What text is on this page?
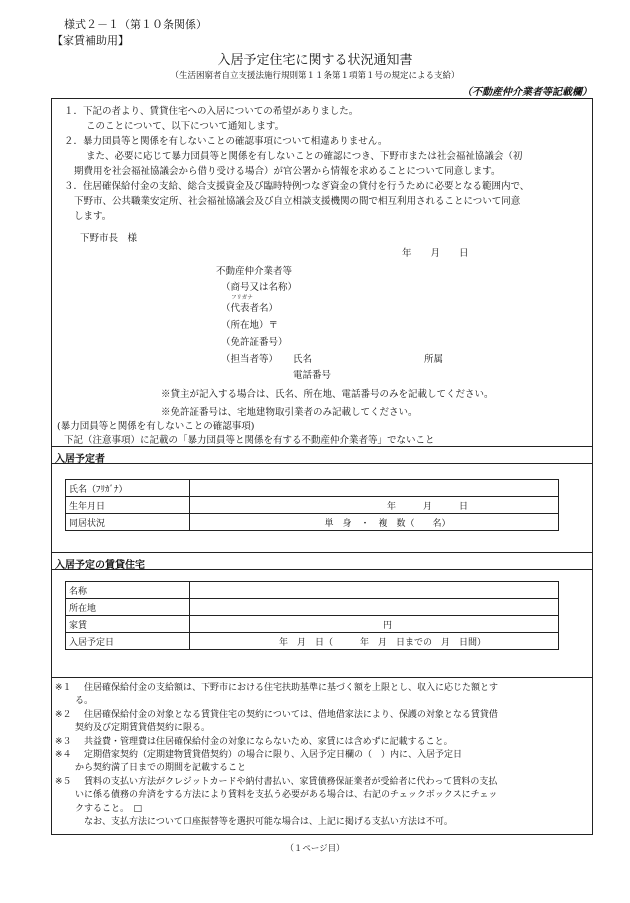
様式２－１（第１０条関係）
【家賃補助用】
入居予定住宅に関する状況通知書
（生活困窮者自立支援法施行規則第１１条第１項第１号の規定による支給）
（不動産仲介業者等記載欄）
１．下記の者より、賃貸住宅への入居についての希望がありました。
このことについて、以下について通知します。
２．暴力団員等と関係を有しないことの確認事項について相違ありません。
また、必要に応じて暴力団員等と関係を有しないことの確認につき、下野市または社会福祉協議会（初
期費用を社会福祉協議会から借り受ける場合）が官公署から情報を求めることについて同意します。
３．住居確保給付金の支給、総合支援資金及び臨時特例つなぎ資金の貸付を行うために必要となる範囲内で、
下野市、公共職業安定所、社会福祉協議会及び自立相談支援機関の間で相互利用されることについて同意
します。
下野市長　様
年　　月　　日
不動産仲介業者等
（商号又は名称）
フリガナ
（代表者名）
（所在地）〒
（免許証番号）
（担当者等） 氏名	所属
電話番号
※貸主が記入する場合は、氏名、所在地、電話番号のみを記載してください。
※免許証番号は、宅地建物取引業者のみ記載してください。
(暴力団員等と関係を有しないことの確認事項)
下記（注意事項）に記載の「暴力団員等と関係を有する不動産仲介業者等」でないこと
入居予定者
氏名（ﾌﾘｶﾞﾅ）	
生年月日	年　　　月　　　日
同居状況	単　身　・　複　数（　　名）
入居予定の賃貸住宅
名称	
所在地	
家賃	円
入居予定日	年　月　日（　　　年　月　日までの　月　日間）
※１	住居確保給付金の支給額は、下野市における住宅扶助基準に基づく額を上限とし、収入に応じた額とす
る。
※２	住居確保給付金の対象となる賃貸住宅の契約については、借地借家法により、保護の対象となる賃貸借
契約及び定期賃貸借契約に限る。
※３	共益費・管理費は住居確保給付金の対象にならないため、家賃には含めずに記載すること。
※４	定期借家契約（定期建物賃貸借契約）の場合に限り、入居予定日欄の（　）内に、入居予定日
から契約満了日までの期間を記載すること
※５	賃料の支払い方法がクレジットカードや納付書払い、家賃債務保証業者が受給者に代わって賃料の支払
いに係る債務の弁済をする方法により賃料を支払う必要がある場合は、右記のチェックボックスにチェッ
クすること。　□
なお、支払方法について口座振替等を選択可能な場合は、上記に掲げる支払い方法は不可。
（１ページ目）
